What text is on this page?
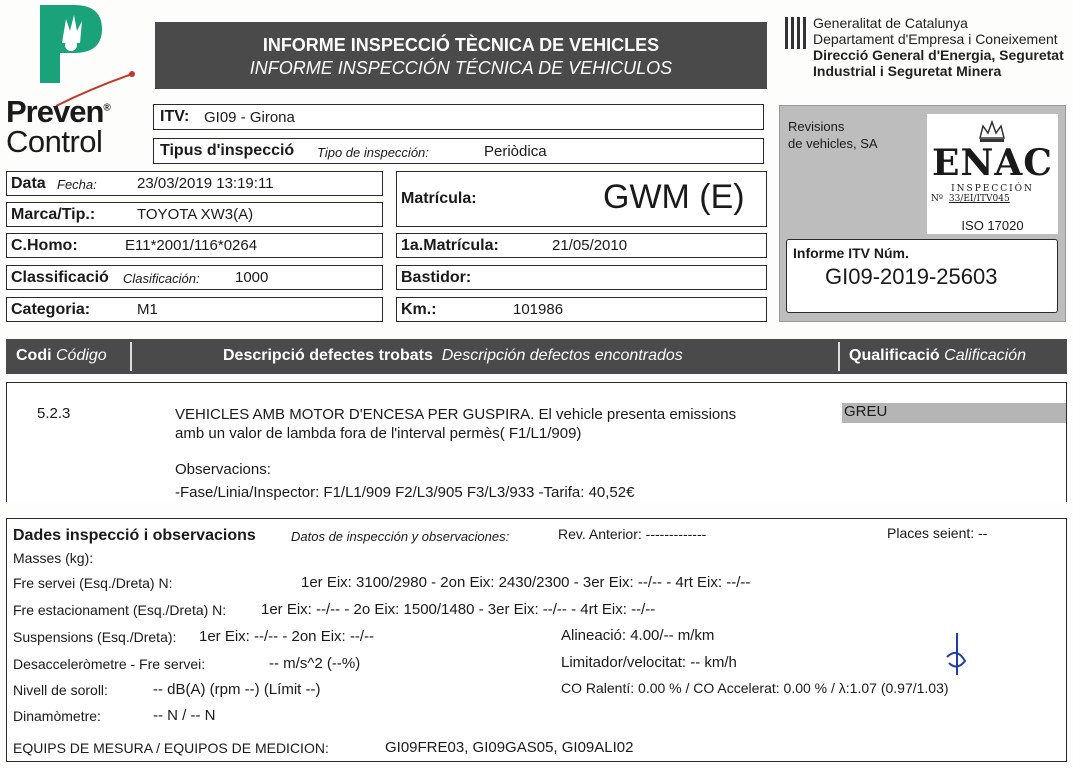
Preven®
Control
INFORME INSPECCIÓ TÈCNICA DE VEHICLES
INFORME INSPECCIÓN TÉCNICA DE VEHICULOS
Generalitat de Catalunya
Departament d'Empresa i Coneixement
Direcció General d'Energia, Seguretat
Industrial i Seguretat Minera
ITV: GI09 - Girona
Tipus d'inspecció Tipo de inspección:	Periòdica
Data Fecha:	23/03/2019 13:19:11
Marca/Tip.:	TOYOTA XW3(A)
C.Homo:	E11*2001/116*0264
Classificació Clasificación: 1000
Categoria:	M1
Matrícula:	GWM (E)
1a.Matrícula:	21/05/2010
Bastidor:
Km.:	101986
Revisions
de vehicles, SA ENAC
INSPECCIÓN
Nº 33/EI/ITV045
ISO 17020
Informe ITV Núm.
GI09-2019-25603
Codi Código	Descripció defectes trobats Descripción defectos encontrados	Qualificació Calificación
5.2.3	VEHICLES AMB MOTOR D'ENCESA PER GUSPIRA. El vehicle presenta emissions
amb un valor de lambda fora de l'interval permès( F1/L1/909)
GREU
Observacions:
-Fase/Linia/Inspector: F1/L1/909 F2/L3/905 F3/L3/933 -Tarifa: 40,52€
Dades inspecció i observacions	Datos de inspección y observaciones:	Rev. Anterior: -------------	Places seient: --
Masses (kg):
Fre servei (Esq./Dreta) N:	1er Eix: 3100/2980 - 2on Eix: 2430/2300 - 3er Eix: --/-- - 4rt Eix: --/--
Fre estacionament (Esq./Dreta) N: 1er Eix: --/-- - 2o Eix: 1500/1480 - 3er Eix: --/-- - 4rt Eix: --/--
Suspensions (Esq./Dreta): 1er Eix: --/-- - 2on Eix: --/--	Alineació: 4.00/-- m/km
Desacceleròmetre - Fre servei:	-- m/s^2 (--%)	Limitador/velocitat: -- km/h
Nivell de soroll:	-- dB(A) (rpm --) (Límit --)	CO Ralentí: 0.00 % / CO Accelerat: 0.00 % / λ:1.07 (0.97/1.03)
Dinamòmetre:	-- N / -- N
EQUIPS DE MESURA / EQUIPOS DE MEDICION:	GI09FRE03, GI09GAS05, GI09ALI02
